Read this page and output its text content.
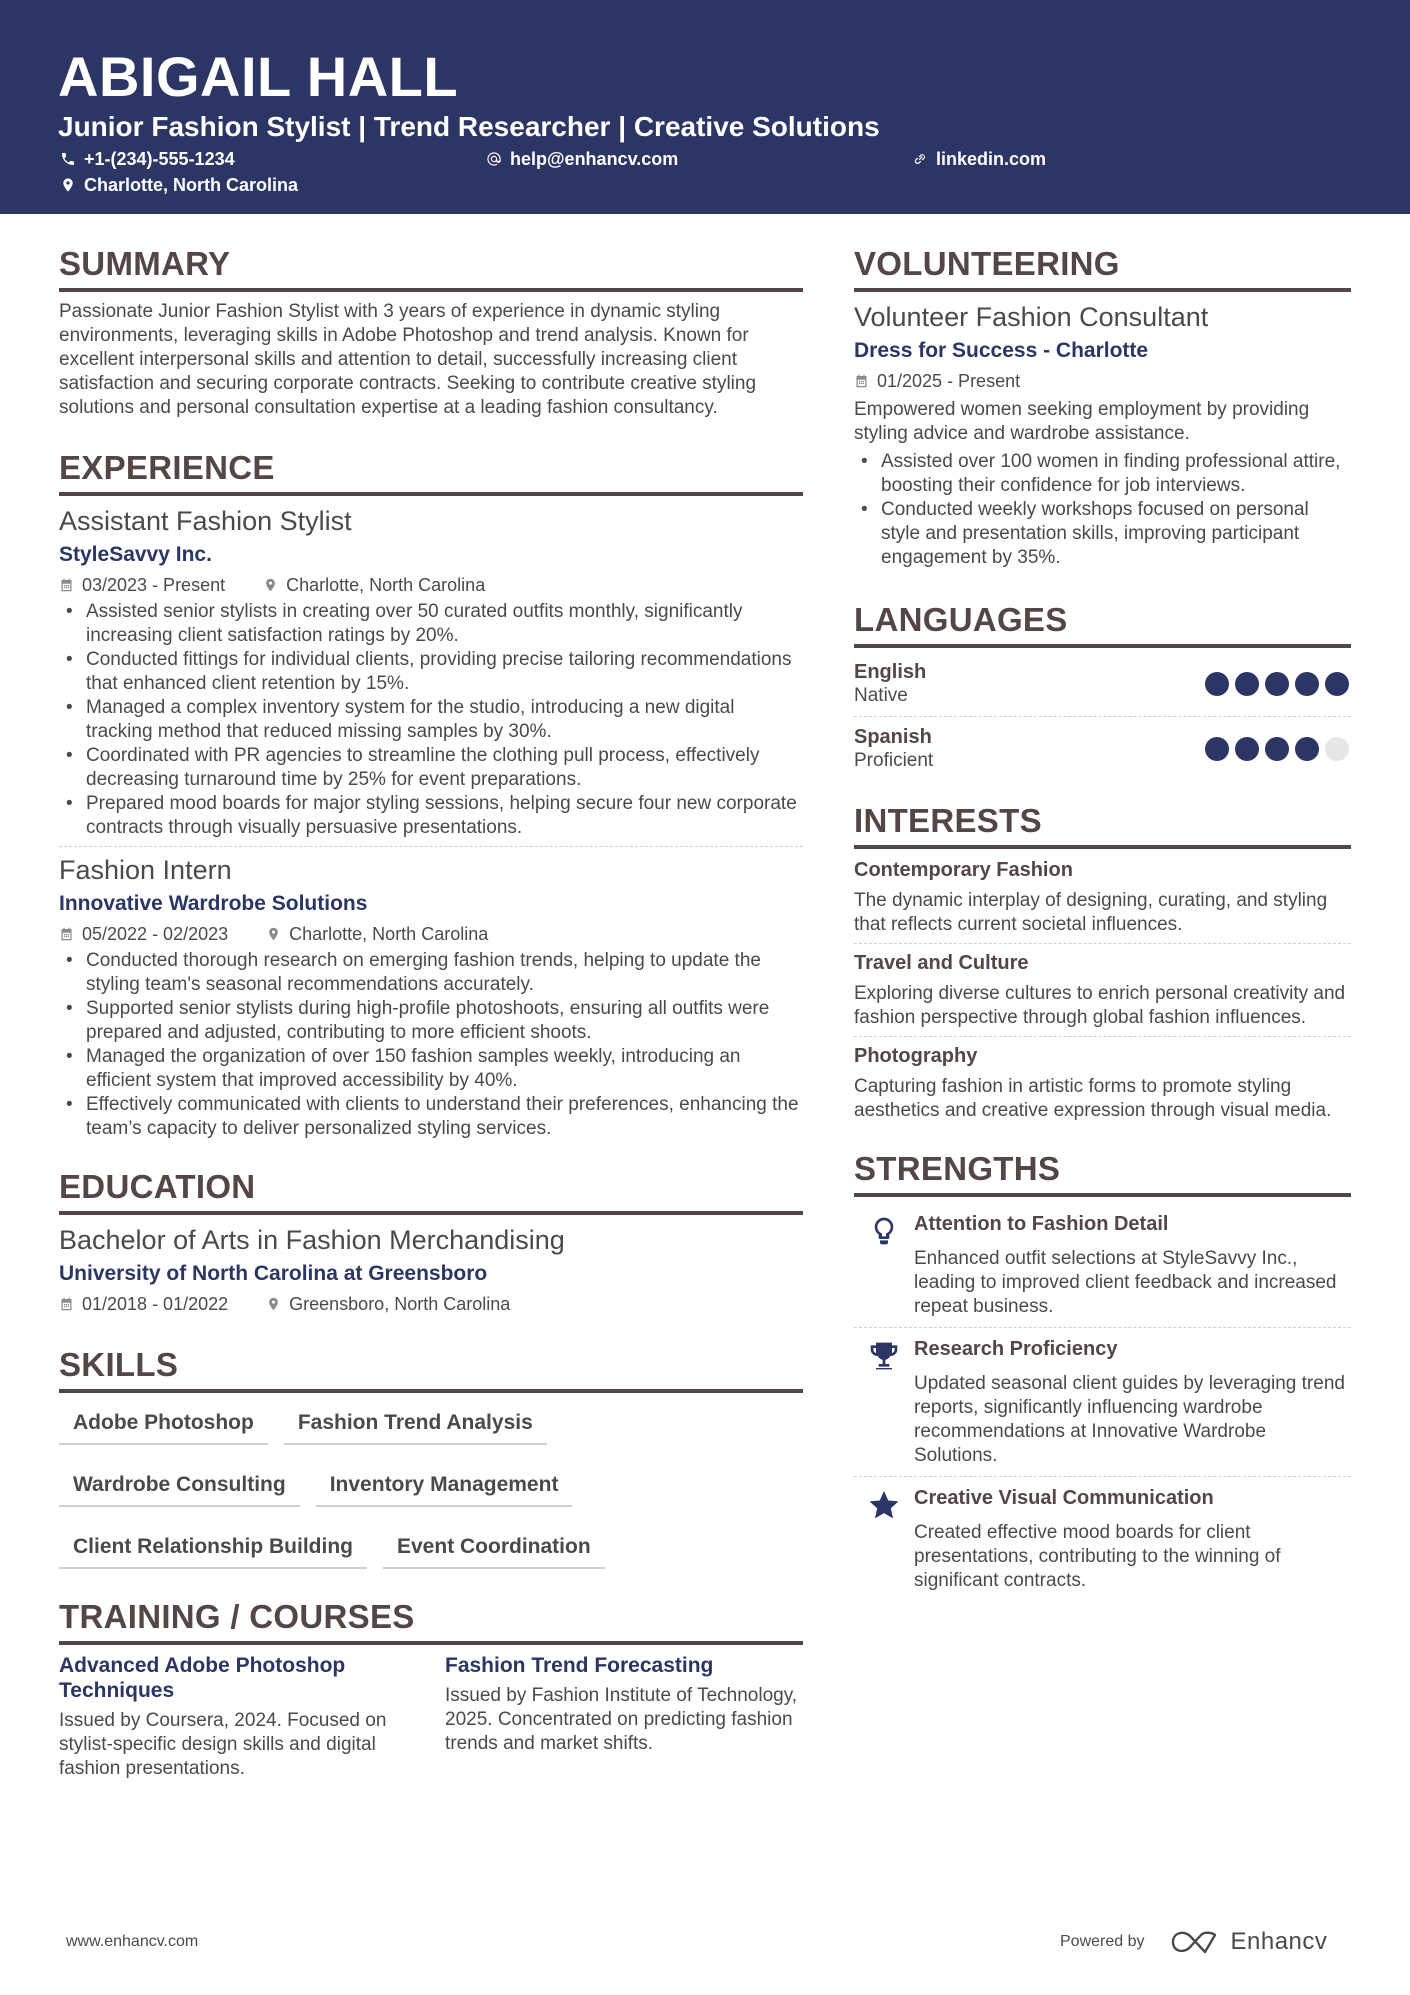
ABIGAIL HALL
Junior Fashion Stylist | Trend Researcher | Creative Solutions
+1-(234)-555-1234	help@enhancv.com	linkedin.com
Charlotte, North Carolina
SUMMARY

Passionate Junior Fashion Stylist with 3 years of experience in dynamic styling environments, leveraging skills in Adobe Photoshop and trend analysis. Known for excellent interpersonal skills and attention to detail, successfully increasing client satisfaction and securing corporate contracts. Seeking to contribute creative styling solutions and personal consultation expertise at a leading fashion consultancy.

EXPERIENCE
Assistant Fashion Stylist
StyleSavvy Inc.
03/2023 - Present	Charlotte, North Carolina
• Assisted senior stylists in creating over 50 curated outfits monthly, significantly increasing client satisfaction ratings by 20%.
• Conducted fittings for individual clients, providing precise tailoring recommendations that enhanced client retention by 15%.
• Managed a complex inventory system for the studio, introducing a new digital tracking method that reduced missing samples by 30%.
• Coordinated with PR agencies to streamline the clothing pull process, effectively decreasing turnaround time by 25% for event preparations.
• Prepared mood boards for major styling sessions, helping secure four new corporate contracts through visually persuasive presentations.
Fashion Intern
Innovative Wardrobe Solutions
05/2022 - 02/2023	Charlotte, North Carolina
• Conducted thorough research on emerging fashion trends, helping to update the styling team's seasonal recommendations accurately.
• Supported senior stylists during high-profile photoshoots, ensuring all outfits were prepared and adjusted, contributing to more efficient shoots.
• Managed the organization of over 150 fashion samples weekly, introducing an efficient system that improved accessibility by 40%.
• Effectively communicated with clients to understand their preferences, enhancing the team’s capacity to deliver personalized styling services.
EDUCATION
Bachelor of Arts in Fashion Merchandising
University of North Carolina at Greensboro
01/2018 - 01/2022	Greensboro, North Carolina
SKILLS
Adobe Photoshop	Fashion Trend Analysis
Wardrobe Consulting	Inventory Management
Client Relationship Building	Event Coordination
TRAINING / COURSES
Advanced Adobe Photoshop Techniques
Issued by Coursera, 2024. Focused on stylist-specific design skills and digital fashion presentations.
Fashion Trend Forecasting
Issued by Fashion Institute of Technology, 2025. Concentrated on predicting fashion trends and market shifts.
VOLUNTEERING
Volunteer Fashion Consultant
Dress for Success - Charlotte
01/2025 - Present

Empowered women seeking employment by providing styling advice and wardrobe assistance.

• Assisted over 100 women in finding professional attire, boosting their confidence for job interviews.
• Conducted weekly workshops focused on personal style and presentation skills, improving participant engagement by 35%.
LANGUAGES
English
Native
Spanish
Proficient
INTERESTS
Contemporary Fashion
The dynamic interplay of designing, curating, and styling that reflects current societal influences.
Travel and Culture
Exploring diverse cultures to enrich personal creativity and fashion perspective through global fashion influences.
Photography
Capturing fashion in artistic forms to promote styling aesthetics and creative expression through visual media.
STRENGTHS
Attention to Fashion Detail
Enhanced outfit selections at StyleSavvy Inc., leading to improved client feedback and increased repeat business.
Research Proficiency
Updated seasonal client guides by leveraging trend reports, significantly influencing wardrobe recommendations at Innovative Wardrobe Solutions.
Creative Visual Communication
Created effective mood boards for client presentations, contributing to the winning of significant contracts.
www.enhancv.com	Powered by	Enhancv
